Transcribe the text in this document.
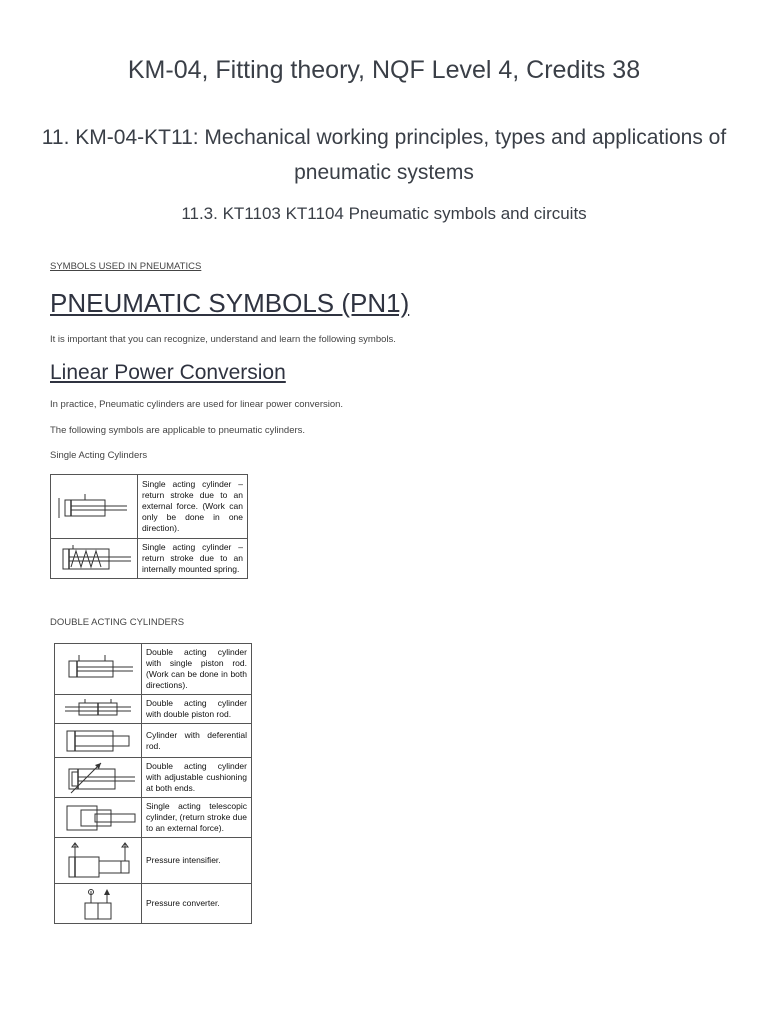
KM-04, Fitting theory, NQF Level 4, Credits 38
11. KM-04-KT11: Mechanical working principles, types and applications of pneumatic systems
11.3. KT1103 KT1104 Pneumatic symbols and circuits
SYMBOLS USED IN PNEUMATICS
PNEUMATIC SYMBOLS (PN1)
It is important that you can recognize, understand and learn the following symbols.
Linear Power Conversion
In practice, Pneumatic cylinders are used for linear power conversion.
The following symbols are applicable to pneumatic cylinders.
Single Acting Cylinders
	Single acting cylinder – return stroke due to an external force. (Work can only be done in one direction).

	Single acting cylinder – return stroke due to an internally mounted spring.
DOUBLE ACTING CYLINDERS
	Double acting cylinder with single piston rod. (Work can be done in both directions).

	Double acting cylinder with double piston rod.

	Cylinder with deferential rod.

	Double acting cylinder with adjustable cushioning at both ends.

	Single acting telescopic cylinder, (return stroke due to an external force).

	Pressure intensifier.

	Pressure converter.
